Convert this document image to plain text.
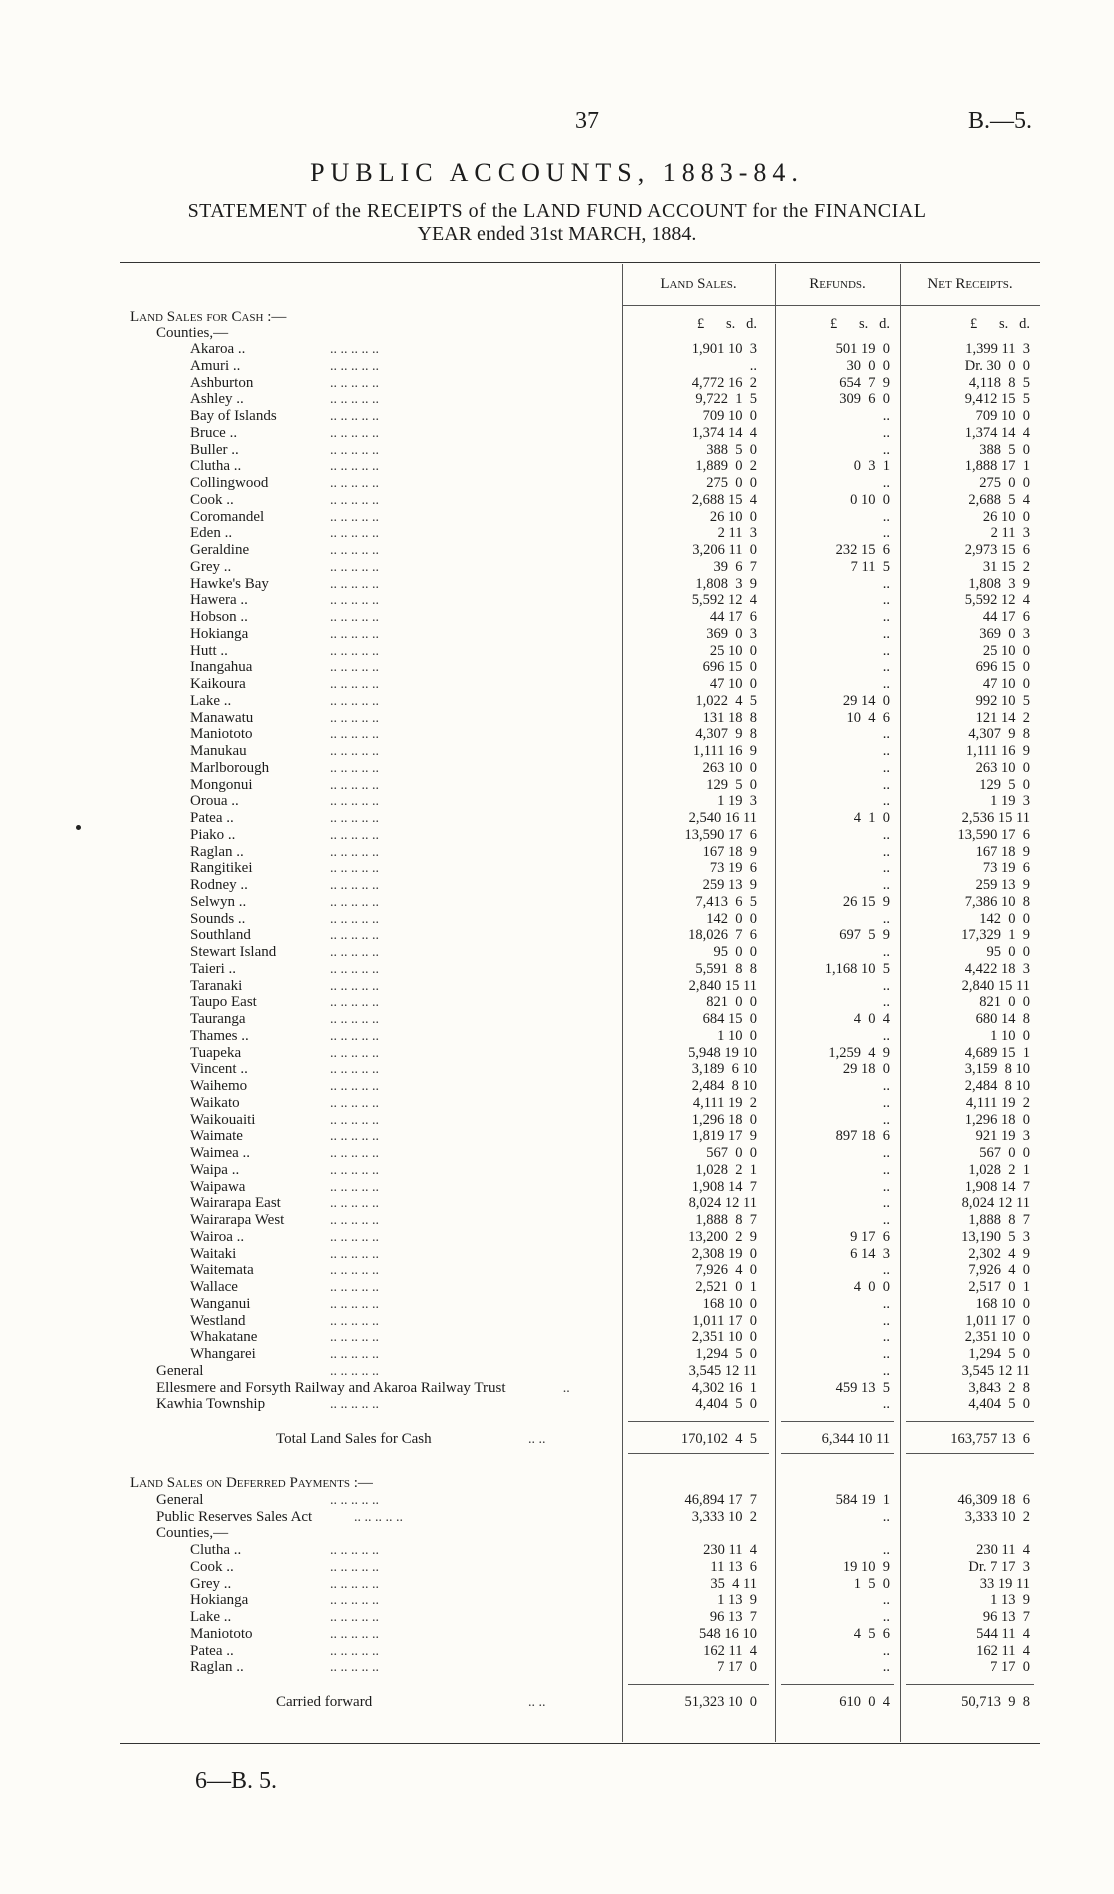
37	B.—5.
PUBLIC ACCOUNTS, 1883-84.
STATEMENT of the RECEIPTS of the LAND FUND ACCOUNT for the FINANCIAL
YEAR ended 31st MARCH, 1884.
Land Sales.	Refunds.	Net Receipts.
£      s.   d.	£      s.   d.	£      s.   d.
Land Sales for Cash :—
Counties,—
Akaroa ..	.. .. .. .. ..	1,901 10  3	501 19  0	1,399 11  3
Amuri ..	.. .. .. .. ..	..	30  0  0	Dr. 30  0  0
Ashburton	.. .. .. .. ..	4,772 16  2	654  7  9	4,118  8  5
Ashley ..	.. .. .. .. ..	9,722  1  5	309  6  0	9,412 15  5
Bay of Islands	.. .. .. .. ..	709 10  0	..	709 10  0
Bruce ..	.. .. .. .. ..	1,374 14  4	..	1,374 14  4
Buller ..	.. .. .. .. ..	388  5  0	..	388  5  0
Clutha ..	.. .. .. .. ..	1,889  0  2	0  3  1	1,888 17  1
Collingwood	.. .. .. .. ..	275  0  0	..	275  0  0
Cook ..	.. .. .. .. ..	2,688 15  4	0 10  0	2,688  5  4
Coromandel	.. .. .. .. ..	26 10  0	..	26 10  0
Eden ..	.. .. .. .. ..	2 11  3	..	2 11  3
Geraldine	.. .. .. .. ..	3,206 11  0	232 15  6	2,973 15  6
Grey ..	.. .. .. .. ..	39  6  7	7 11  5	31 15  2
Hawke's Bay	.. .. .. .. ..	1,808  3  9	..	1,808  3  9
Hawera ..	.. .. .. .. ..	5,592 12  4	..	5,592 12  4
Hobson ..	.. .. .. .. ..	44 17  6	..	44 17  6
Hokianga	.. .. .. .. ..	369  0  3	..	369  0  3
Hutt ..	.. .. .. .. ..	25 10  0	..	25 10  0
Inangahua	.. .. .. .. ..	696 15  0	..	696 15  0
Kaikoura	.. .. .. .. ..	47 10  0	..	47 10  0
Lake ..	.. .. .. .. ..	1,022  4  5	29 14  0	992 10  5
Manawatu	.. .. .. .. ..	131 18  8	10  4  6	121 14  2
Maniototo	.. .. .. .. ..	4,307  9  8	..	4,307  9  8
Manukau	.. .. .. .. ..	1,111 16  9	..	1,111 16  9
Marlborough	.. .. .. .. ..	263 10  0	..	263 10  0
Mongonui	.. .. .. .. ..	129  5  0	..	129  5  0
Oroua ..	.. .. .. .. ..	1 19  3	..	1 19  3
Patea ..	.. .. .. .. ..	2,540 16 11	4  1  0	2,536 15 11
Piako ..	.. .. .. .. ..	13,590 17  6	..	13,590 17  6
Raglan ..	.. .. .. .. ..	167 18  9	..	167 18  9
Rangitikei	.. .. .. .. ..	73 19  6	..	73 19  6
Rodney ..	.. .. .. .. ..	259 13  9	..	259 13  9
Selwyn ..	.. .. .. .. ..	7,413  6  5	26 15  9	7,386 10  8
Sounds ..	.. .. .. .. ..	142  0  0	..	142  0  0
Southland	.. .. .. .. ..	18,026  7  6	697  5  9	17,329  1  9
Stewart Island	.. .. .. .. ..	95  0  0	..	95  0  0
Taieri ..	.. .. .. .. ..	5,591  8  8	1,168 10  5	4,422 18  3
Taranaki	.. .. .. .. ..	2,840 15 11	..	2,840 15 11
Taupo East	.. .. .. .. ..	821  0  0	..	821  0  0
Tauranga	.. .. .. .. ..	684 15  0	4  0  4	680 14  8
Thames ..	.. .. .. .. ..	1 10  0	..	1 10  0
Tuapeka	.. .. .. .. ..	5,948 19 10	1,259  4  9	4,689 15  1
Vincent ..	.. .. .. .. ..	3,189  6 10	29 18  0	3,159  8 10
Waihemo	.. .. .. .. ..	2,484  8 10	..	2,484  8 10
Waikato	.. .. .. .. ..	4,111 19  2	..	4,111 19  2
Waikouaiti	.. .. .. .. ..	1,296 18  0	..	1,296 18  0
Waimate	.. .. .. .. ..	1,819 17  9	897 18  6	921 19  3
Waimea ..	.. .. .. .. ..	567  0  0	..	567  0  0
Waipa ..	.. .. .. .. ..	1,028  2  1	..	1,028  2  1
Waipawa	.. .. .. .. ..	1,908 14  7	..	1,908 14  7
Wairarapa East	.. .. .. .. ..	8,024 12 11	..	8,024 12 11
Wairarapa West	.. .. .. .. ..	1,888  8  7	..	1,888  8  7
Wairoa ..	.. .. .. .. ..	13,200  2  9	9 17  6	13,190  5  3
Waitaki	.. .. .. .. ..	2,308 19  0	6 14  3	2,302  4  9
Waitemata	.. .. .. .. ..	7,926  4  0	..	7,926  4  0
Wallace	.. .. .. .. ..	2,521  0  1	4  0  0	2,517  0  1
Wanganui	.. .. .. .. ..	168 10  0	..	168 10  0
Westland	.. .. .. .. ..	1,011 17  0	..	1,011 17  0
Whakatane	.. .. .. .. ..	2,351 10  0	..	2,351 10  0
Whangarei	.. .. .. .. ..	1,294  5  0	..	1,294  5  0
General	.. .. .. .. ..	3,545 12 11	..	3,545 12 11
Ellesmere and Forsyth Railway and Akaroa Railway Trust	..	4,302 16  1	459 13  5	3,843  2  8
Kawhia Township	.. .. .. .. ..	4,404  5  0	..	4,404  5  0
Total Land Sales for Cash	.. ..	170,102  4  5	6,344 10 11	163,757 13  6
Land Sales on Deferred Payments :—
General	.. .. .. .. ..	46,894 17  7	584 19  1	46,309 18  6
Public Reserves Sales Act	.. .. .. .. ..	3,333 10  2	..	3,333 10  2
Counties,—
Clutha ..	.. .. .. .. ..	230 11  4	..	230 11  4
Cook ..	.. .. .. .. ..	11 13  6	19 10  9	Dr. 7 17  3
Grey ..	.. .. .. .. ..	35  4 11	1  5  0	33 19 11
Hokianga	.. .. .. .. ..	1 13  9	..	1 13  9
Lake ..	.. .. .. .. ..	96 13  7	..	96 13  7
Maniototo	.. .. .. .. ..	548 16 10	4  5  6	544 11  4
Patea ..	.. .. .. .. ..	162 11  4	..	162 11  4
Raglan ..	.. .. .. .. ..	7 17  0	..	7 17  0
Carried forward	.. ..	51,323 10  0	610  0  4	50,713  9  8
6—B. 5.
